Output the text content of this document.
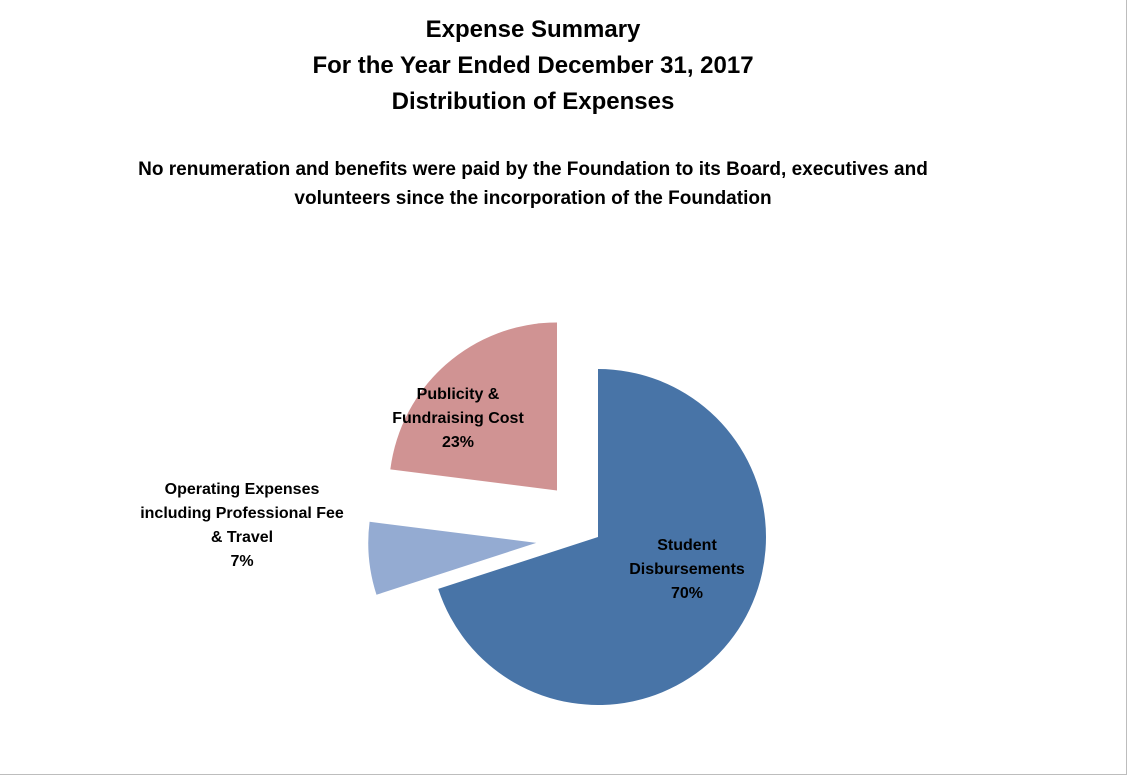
Expense Summary
For the Year Ended December 31, 2017
Distribution of Expenses
No renumeration and benefits were paid by the Foundation to its Board, executives and
volunteers since the incorporation of the Foundation
Student
Disbursements
70%
Operating Expenses
including Professional Fee
& Travel
7%
Publicity &
Fundraising Cost
23%
